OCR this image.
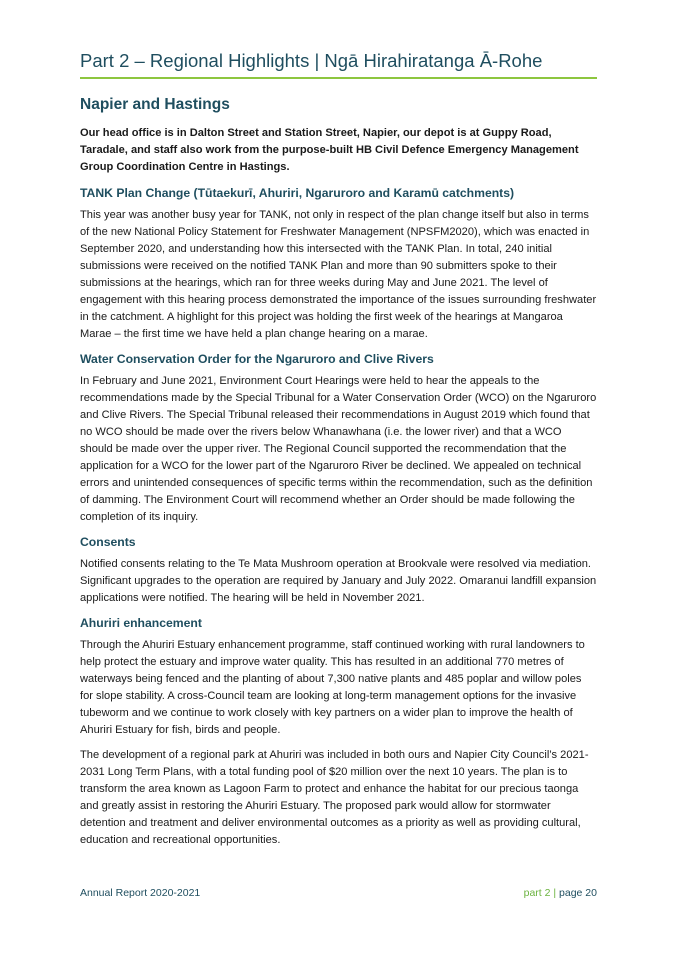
Part 2 – Regional Highlights | Ngā Hirahiratanga Ā-Rohe
Napier and Hastings

Our head office is in Dalton Street and Station Street, Napier, our depot is at Guppy Road, Taradale, and staff also work from the purpose-built HB Civil Defence Emergency Management Group Coordination Centre in Hastings.

TANK Plan Change (Tūtaekurī, Ahuriri, Ngaruroro and Karamū catchments)

This year was another busy year for TANK, not only in respect of the plan change itself but also in terms of the new National Policy Statement for Freshwater Management (NPSFM2020), which was enacted in September 2020, and understanding how this intersected with the TANK Plan. In total, 240 initial submissions were received on the notified TANK Plan and more than 90 submitters spoke to their submissions at the hearings, which ran for three weeks during May and June 2021. The level of engagement with this hearing process demonstrated the importance of the issues surrounding freshwater in the catchment. A highlight for this project was holding the first week of the hearings at Mangaroa Marae – the first time we have held a plan change hearing on a marae.

Water Conservation Order for the Ngaruroro and Clive Rivers

In February and June 2021, Environment Court Hearings were held to hear the appeals to the recommendations made by the Special Tribunal for a Water Conservation Order (WCO) on the Ngaruroro and Clive Rivers. The Special Tribunal released their recommendations in August 2019 which found that no WCO should be made over the rivers below Whanawhana (i.e. the lower river) and that a WCO should be made over the upper river. The Regional Council supported the recommendation that the application for a WCO for the lower part of the Ngaruroro River be declined. We appealed on technical errors and unintended consequences of specific terms within the recommendation, such as the definition of damming. The Environment Court will recommend whether an Order should be made following the completion of its inquiry.

Consents

Notified consents relating to the Te Mata Mushroom operation at Brookvale were resolved via mediation. Significant upgrades to the operation are required by January and July 2022. Omaranui landfill expansion applications were notified. The hearing will be held in November 2021.

Ahuriri enhancement

Through the Ahuriri Estuary enhancement programme, staff continued working with rural landowners to help protect the estuary and improve water quality. This has resulted in an additional 770 metres of waterways being fenced and the planting of about 7,300 native plants and 485 poplar and willow poles for slope stability. A cross-Council team are looking at long-term management options for the invasive tubeworm and we continue to work closely with key partners on a wider plan to improve the health of Ahuriri Estuary for fish, birds and people.

The development of a regional park at Ahuriri was included in both ours and Napier City Council’s 2021-2031 Long Term Plans, with a total funding pool of $20 million over the next 10 years. The plan is to transform the area known as Lagoon Farm to protect and enhance the habitat for our precious taonga and greatly assist in restoring the Ahuriri Estuary. The proposed park would allow for stormwater detention and treatment and deliver environmental outcomes as a priority as well as providing cultural, education and recreational opportunities.

Annual Report 2020-2021	part 2 | page 20
